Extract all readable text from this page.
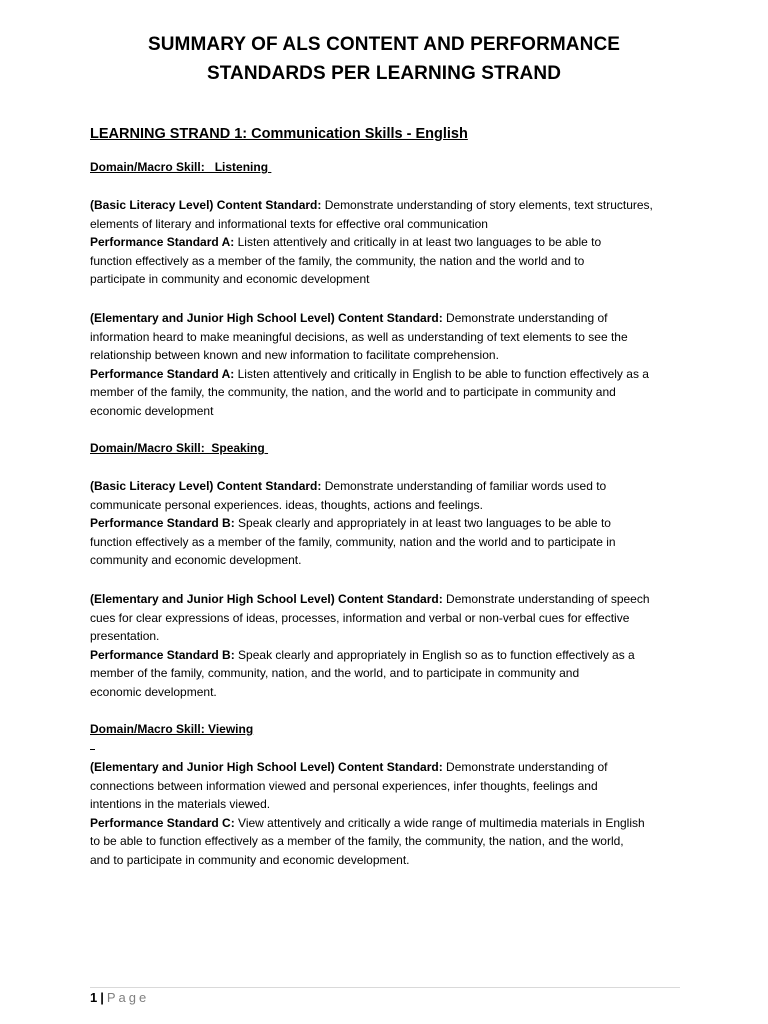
SUMMARY OF ALS CONTENT AND PERFORMANCE
STANDARDS PER LEARNING STRAND
LEARNING STRAND 1: Communication Skills - English
Domain/Macro Skill:   Listening
(Basic Literacy Level) Content Standard: Demonstrate understanding of story elements, text structures,
elements of literary and informational texts for effective oral communication
Performance Standard A: Listen attentively and critically in at least two languages to be able to
function effectively as a member of the family, the community, the nation and the world and to
participate in community and economic development
(Elementary and Junior High School Level) Content Standard: Demonstrate understanding of
information heard to make meaningful decisions, as well as understanding of text elements to see the
relationship between known and new information to facilitate comprehension.
Performance Standard A: Listen attentively and critically in English to be able to function effectively as a
member of the family, the community, the nation, and the world and to participate in community and
economic development
Domain/Macro Skill:  Speaking
(Basic Literacy Level) Content Standard: Demonstrate understanding of familiar words used to
communicate personal experiences. ideas, thoughts, actions and feelings.
Performance Standard B: Speak clearly and appropriately in at least two languages to be able to
function effectively as a member of the family, community, nation and the world and to participate in
community and economic development.
(Elementary and Junior High School Level) Content Standard: Demonstrate understanding of speech
cues for clear expressions of ideas, processes, information and verbal or non-verbal cues for effective
presentation.
Performance Standard B: Speak clearly and appropriately in English so as to function effectively as a
member of the family, community, nation, and the world, and to participate in community and
economic development.
Domain/Macro Skill: Viewing
(Elementary and Junior High School Level) Content Standard: Demonstrate understanding of
connections between information viewed and personal experiences, infer thoughts, feelings and
intentions in the materials viewed.
Performance Standard C: View attentively and critically a wide range of multimedia materials in English
to be able to function effectively as a member of the family, the community, the nation, and the world,
and to participate in community and economic development.
1 | Page
